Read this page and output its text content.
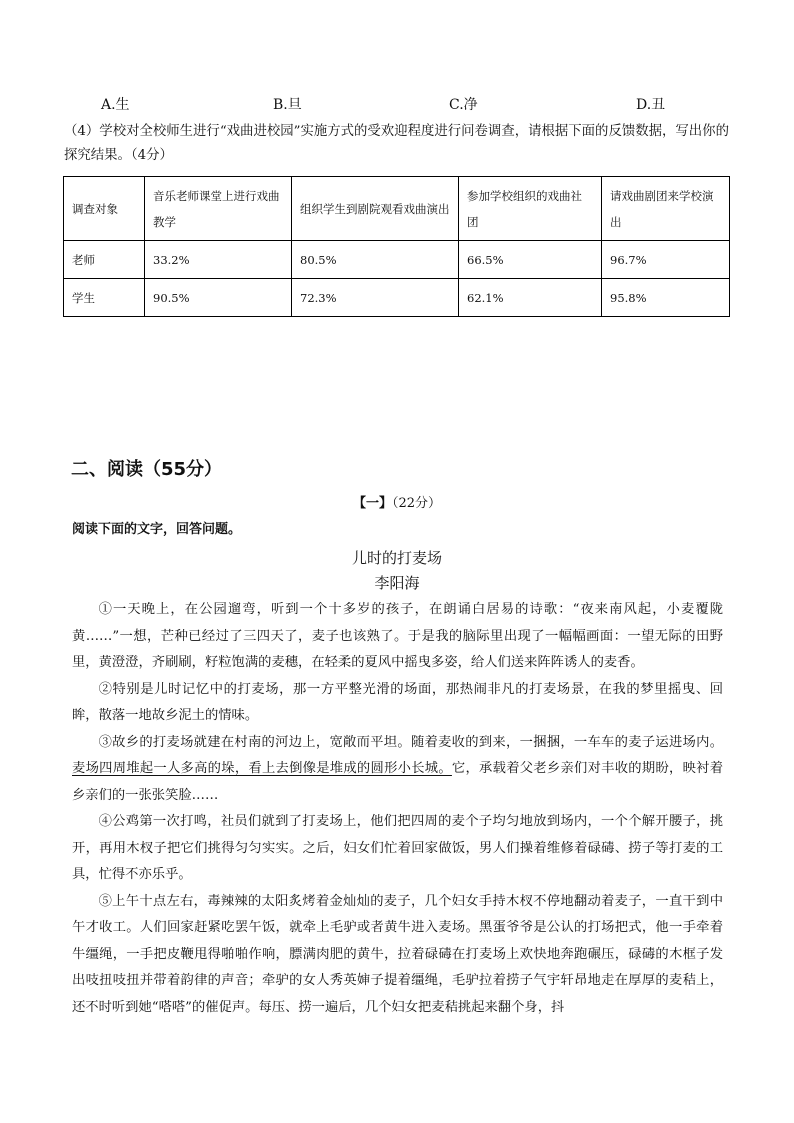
A.生	B.旦	C.净	D.丑
（4）学校对全校师生进行“戏曲进校园”实施方式的受欢迎程度进行问卷调查，请根据下面的反馈数据，写出你的探究结果。（4分）
调查对象	音乐老师课堂上进行戏曲教学	组织学生到剧院观看戏曲演出	参加学校组织的戏曲社团	请戏曲剧团来学校演出
老师	33.2%	80.5%	66.5%	96.7%
学生	90.5%	72.3%	62.1%	95.8%
二、阅读（55分）
【一】（22分）
阅读下面的文字，回答问题。
儿时的打麦场
李阳海

①一天晚上，在公园遛弯，听到一个十多岁的孩子，在朗诵白居易的诗歌：“夜来南风起，小麦覆陇黄……”一想，芒种已经过了三四天了，麦子也该熟了。于是我的脑际里出现了一幅幅画面：一望无际的田野里，黄澄澄，齐刷刷，籽粒饱满的麦穗，在轻柔的夏风中摇曳多姿，给人们送来阵阵诱人的麦香。

②特别是儿时记忆中的打麦场，那一方平整光滑的场面，那热闹非凡的打麦场景，在我的梦里摇曳、回眸，散落一地故乡泥土的情味。

③故乡的打麦场就建在村南的河边上，宽敞而平坦。随着麦收的到来，一捆捆，一车车的麦子运进场内。麦场四周堆起一人多高的垛，看上去倒像是堆成的圆形小长城。它，承载着父老乡亲们对丰收的期盼，映衬着乡亲们的一张张笑脸……

④公鸡第一次打鸣，社员们就到了打麦场上，他们把四周的麦个子均匀地放到场内，一个个解开腰子，挑开，再用木杈子把它们挑得匀匀实实。之后，妇女们忙着回家做饭，男人们操着维修着碌碡、捞子等打麦的工具，忙得不亦乐乎。

⑤上午十点左右，毒辣辣的太阳炙烤着金灿灿的麦子，几个妇女手持木杈不停地翻动着麦子，一直干到中午才收工。人们回家赶紧吃罢午饭，就牵上毛驴或者黄牛进入麦场。黑蛋爷爷是公认的打场把式，他一手牵着牛缰绳，一手把皮鞭甩得啪啪作响，膘满肉肥的黄牛，拉着碌碡在打麦场上欢快地奔跑碾压，碌碡的木框子发出吱扭吱扭并带着韵律的声音；牵驴的女人秀英婶子提着缰绳，毛驴拉着捞子气宇轩昂地走在厚厚的麦秸上，还不时听到她“嗒嗒”的催促声。每压、捞一遍后，几个妇女把麦秸挑起来翻个身，抖
